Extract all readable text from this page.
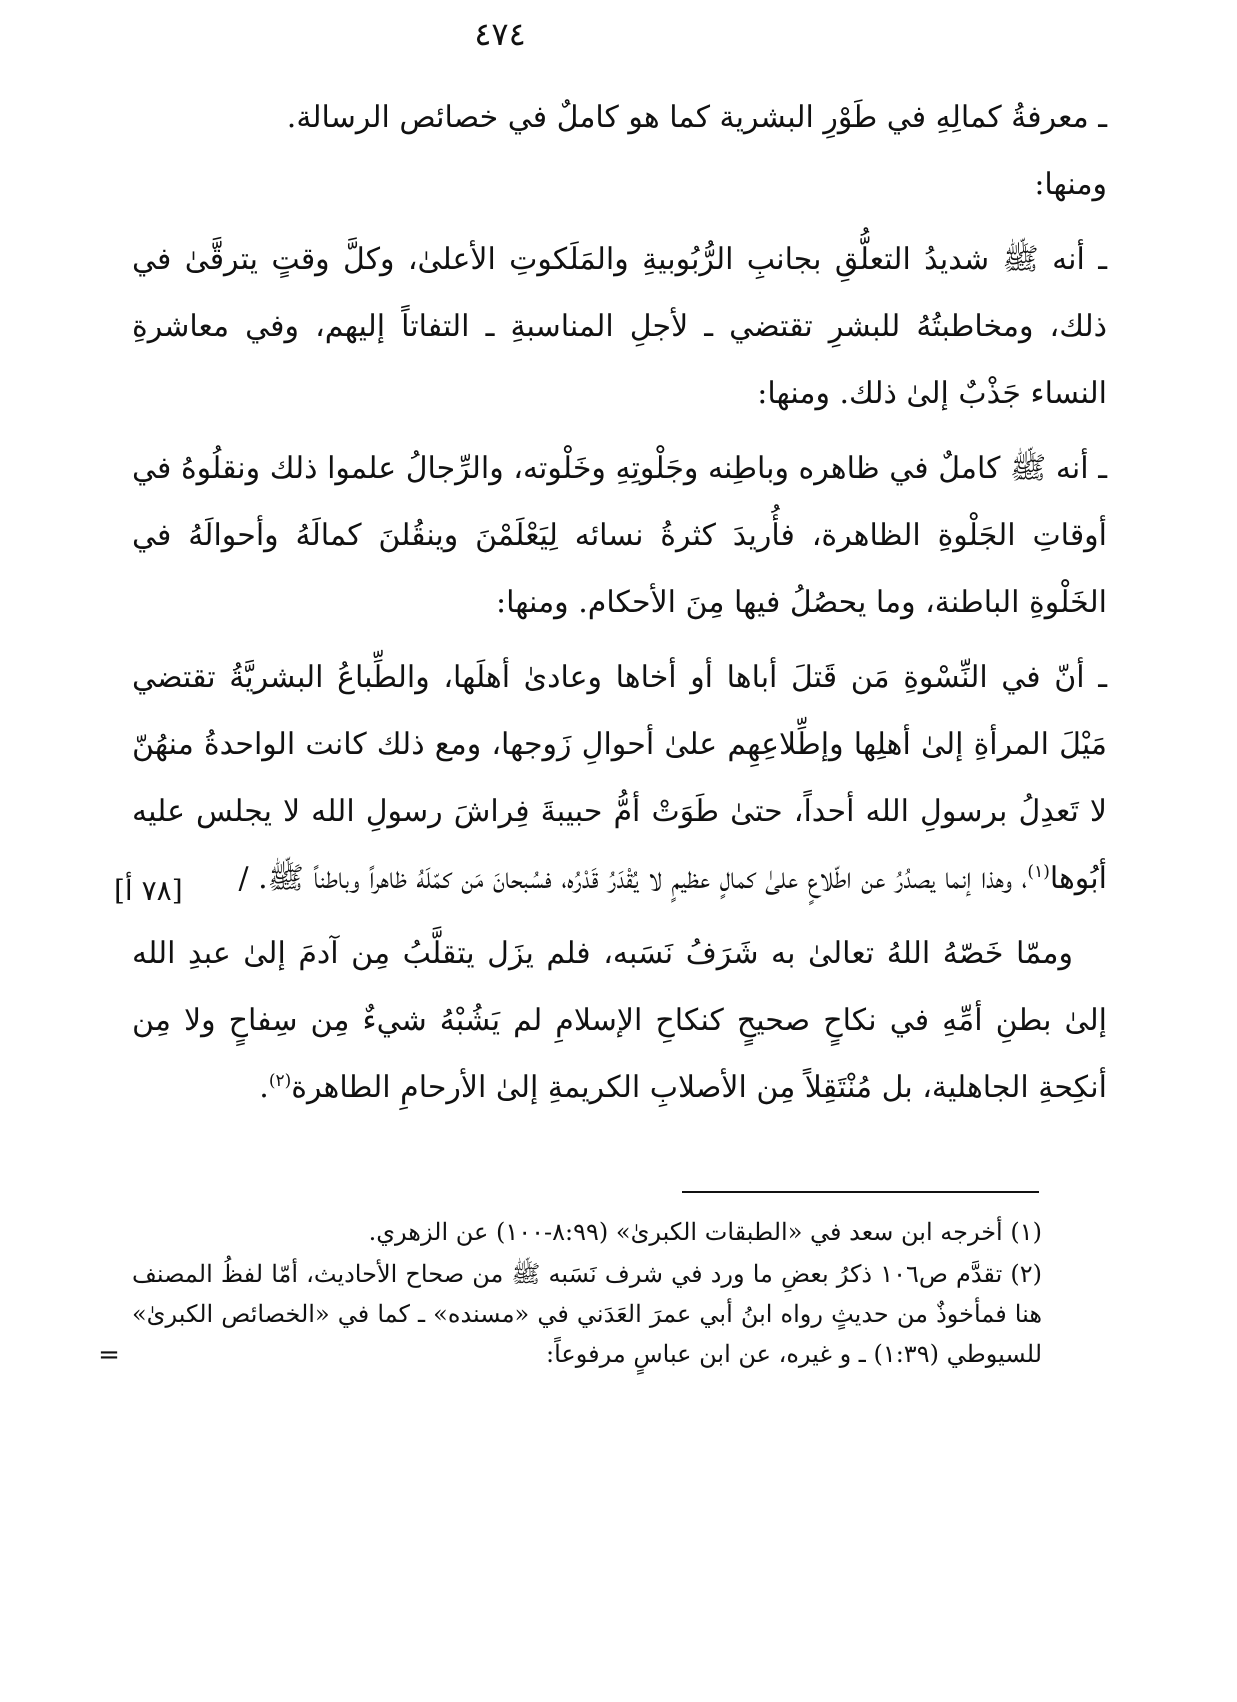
٤٧٤

ـ معرفةُ كمالِهِ في طَوْرِ البشرية كما هو كاملٌ في خصائص الرسالة.

ومنها:

ـ أنه ﷺ شديدُ التعلُّقِ بجانبِ الرُّبُوبيةِ والمَلَكوتِ الأعلىٰ، وكلَّ وقتٍ يترقَّىٰ في ذلك، ومخاطبتُهُ للبشرِ تقتضي ـ لأجلِ المناسبةِ ـ التفاتاً إليهم، وفي معاشرةِ النساء جَذْبٌ إلىٰ ذلك. ومنها:

ـ أنه ﷺ كاملٌ في ظاهره وباطِنه وجَلْوتِهِ وخَلْوته، والرِّجالُ علموا ذلك ونقلُوهُ في أوقاتِ الجَلْوةِ الظاهرة، فأُريدَ كثرةُ نسائه لِيَعْلَمْنَ وينقُلنَ كمالَهُ وأحوالَهُ في الخَلْوةِ الباطنة، وما يحصُلُ فيها مِنَ الأحكام. ومنها:

ـ أنّ في النِّسْوةِ مَن قَتلَ أباها أو أخاها وعادىٰ أهلَها، والطِّباعُ البشريَّةُ تقتضي مَيْلَ المرأةِ إلىٰ أهلِها وإطِّلاعِهِم علىٰ أحوالِ زَوجها، ومع ذلك كانت الواحدةُ منهُنّ لا تَعدِلُ برسولِ الله أحداً، حتىٰ طَوَتْ أمُّ حبيبةَ فِراشَ رسولِ الله لا يجلس عليه أبُوها$^{(١)}$، وهذا إنما يصدُرُ عن اطّلاعٍ علىٰ كمالٍ عظيمٍ لا يُقْدَرُ قَدْرُه، فسُبحانَ مَن كمّلَهُ ظاهراً وباطناً ﷺ. /

وممّا خَصّهُ اللهُ تعالىٰ به شَرَفُ نَسَبه، فلم يزَل يتقلَّبُ مِن آدمَ إلىٰ عبدِ الله إلىٰ بطنِ أمِّهِ في نكاحٍ صحيحٍ كنكاحِ الإسلامِ لم يَشُبْهُ شيءٌ مِن سِفاحٍ ولا مِن أنكِحةِ الجاهلية، بل مُنْتَقِلاً مِن الأصلابِ الكريمةِ إلىٰ الأرحامِ الطاهرة$^{(٢)}$.

[٧٨ أ]

(١) أخرجه ابن سعد في «الطبقات الكبرىٰ» (٨:٩٩-١٠٠) عن الزهري.

(٢) تقدَّم ص١٠٦ ذكرُ بعضِ ما ورد في شرف نَسَبه ﷺ من صحاح الأحاديث، أمّا لفظُ المصنف هنا فمأخوذٌ من حديثٍ رواه ابنُ أبي عمرَ العَدَني في «مسنده» ـ كما في «الخصائص الكبرىٰ» للسيوطي (١:٣٩) ـ و غيره، عن ابن عباسٍ مرفوعاً:

=
